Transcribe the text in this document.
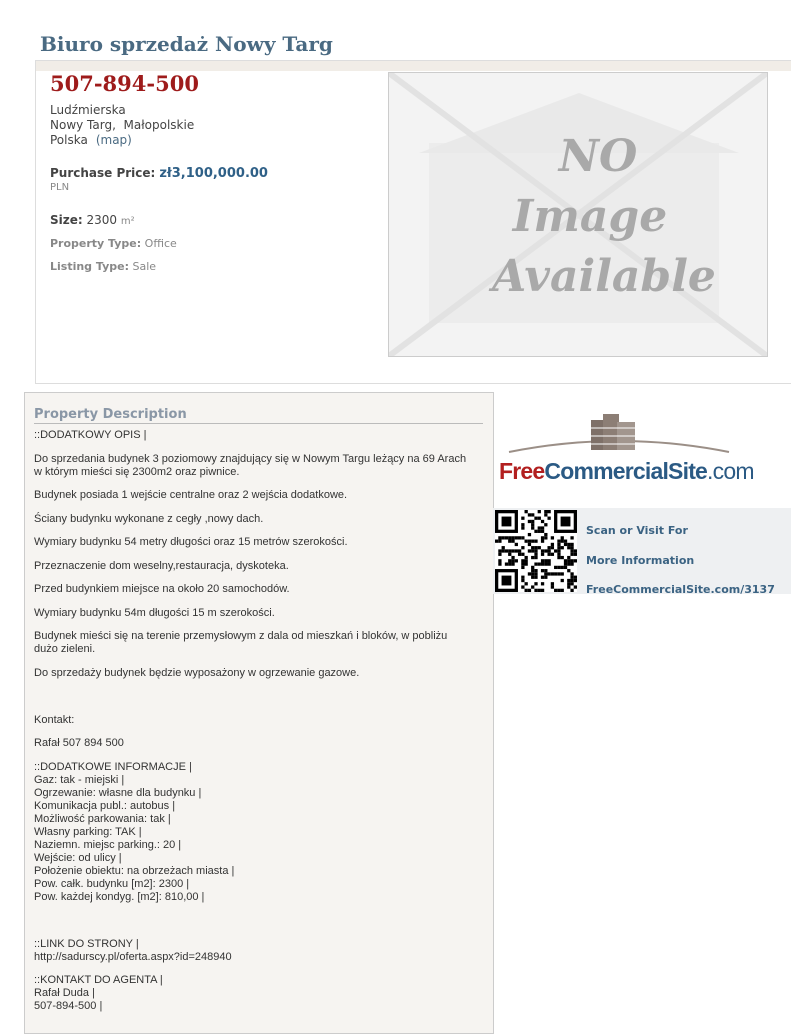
Biuro sprzedaż Nowy Targ
507-894-500
Ludźmierska
Nowy Targ,  Małopolskie
Polska (map)
Purchase Price: zł3,100,000.00
PLN
Size: 2300 m²
Property Type: Office
Listing Type: Sale
NO
Image
Available
Property Description

::DODATKOWY OPIS |

Do sprzedania budynek 3 poziomowy znajdujący się w Nowym Targu leżący na 69 Arach w którym mieści się 2300m2 oraz piwnice.

Budynek posiada 1 wejście centralne oraz 2 wejścia dodatkowe.

Ściany budynku wykonane z cegły ,nowy dach.

Wymiary budynku 54 metry długości oraz 15 metrów szerokości.

Przeznaczenie dom weselny,restauracja, dyskoteka.

Przed budynkiem miejsce na około 20 samochodów.

Wymiary budynku 54m długości 15 m szerokości.

Budynek mieści się na terenie przemysłowym z dala od mieszkań i bloków, w pobliżu dużo zieleni.

Do sprzedaży budynek będzie wyposażony w ogrzewanie gazowe.

Kontakt:

Rafał 507 894 500

::DODATKOWE INFORMACJE |
Gaz: tak - miejski |
Ogrzewanie: własne dla budynku |
Komunikacja publ.: autobus |
Możliwość parkowania: tak |
Własny parking: TAK |
Naziemn. miejsc parking.: 20 |
Wejście: od ulicy |
Położenie obiektu: na obrzeżach miasta |
Pow. całk. budynku [m2]: 2300 |
Pow. każdej kondyg. [m2]: 810,00 |

::LINK DO STRONY |
http://sadurscy.pl/oferta.aspx?id=248940

::KONTAKT DO AGENTA |
Rafał Duda |
507-894-500 |

FreeCommercialSite.com
Scan or Visit For
More Information
FreeCommercialSite.com/3137
